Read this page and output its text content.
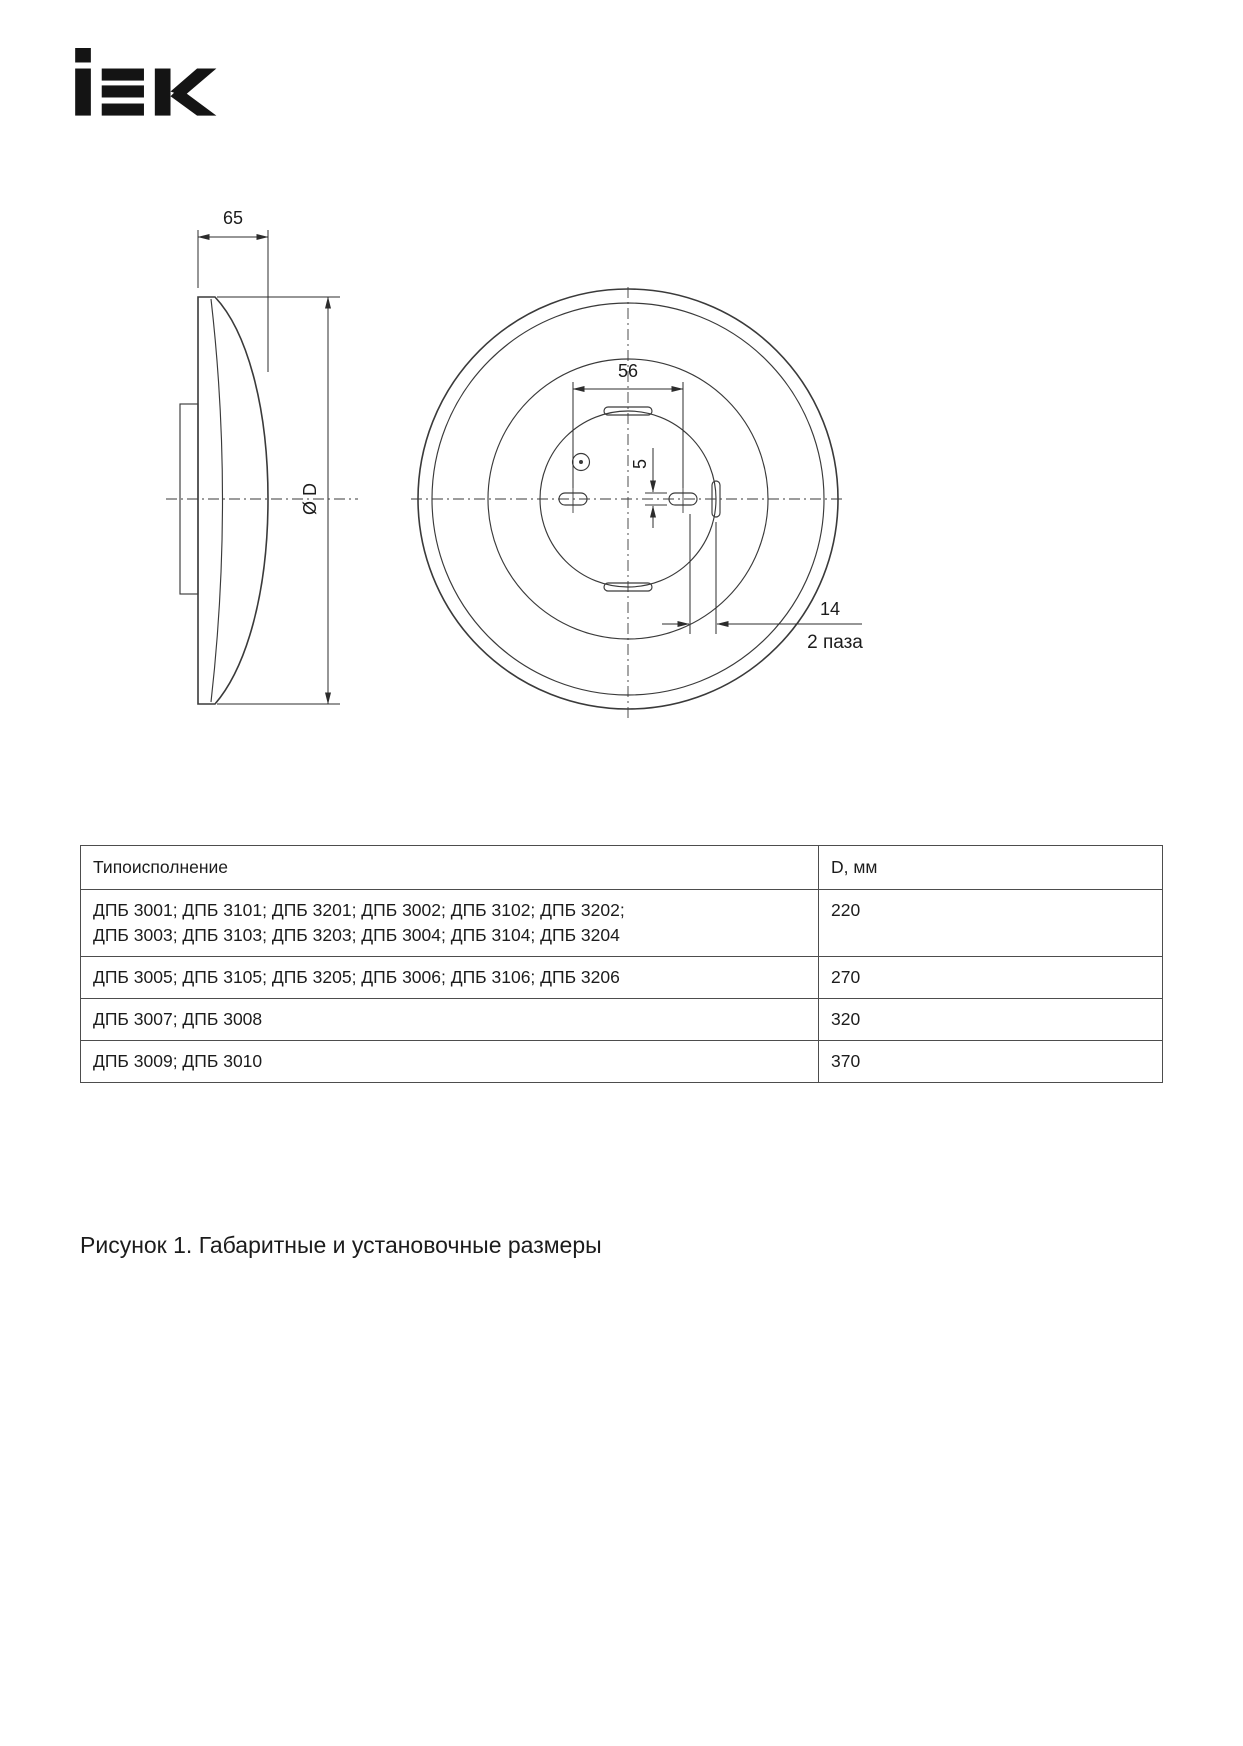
65
Ø D
56
5
14
2 паза
Типоисполнение	D, мм

ДПБ 3001; ДПБ 3101; ДПБ 3201; ДПБ 3002; ДПБ 3102; ДПБ 3202;
ДПБ 3003; ДПБ 3103; ДПБ 3203; ДПБ 3004; ДПБ 3104; ДПБ 3204	220

ДПБ 3005; ДПБ 3105; ДПБ 3205; ДПБ 3006; ДПБ 3106; ДПБ 3206	270

ДПБ 3007; ДПБ 3008	320

ДПБ 3009; ДПБ 3010	370
Рисунок 1. Габаритные и установочные размеры
